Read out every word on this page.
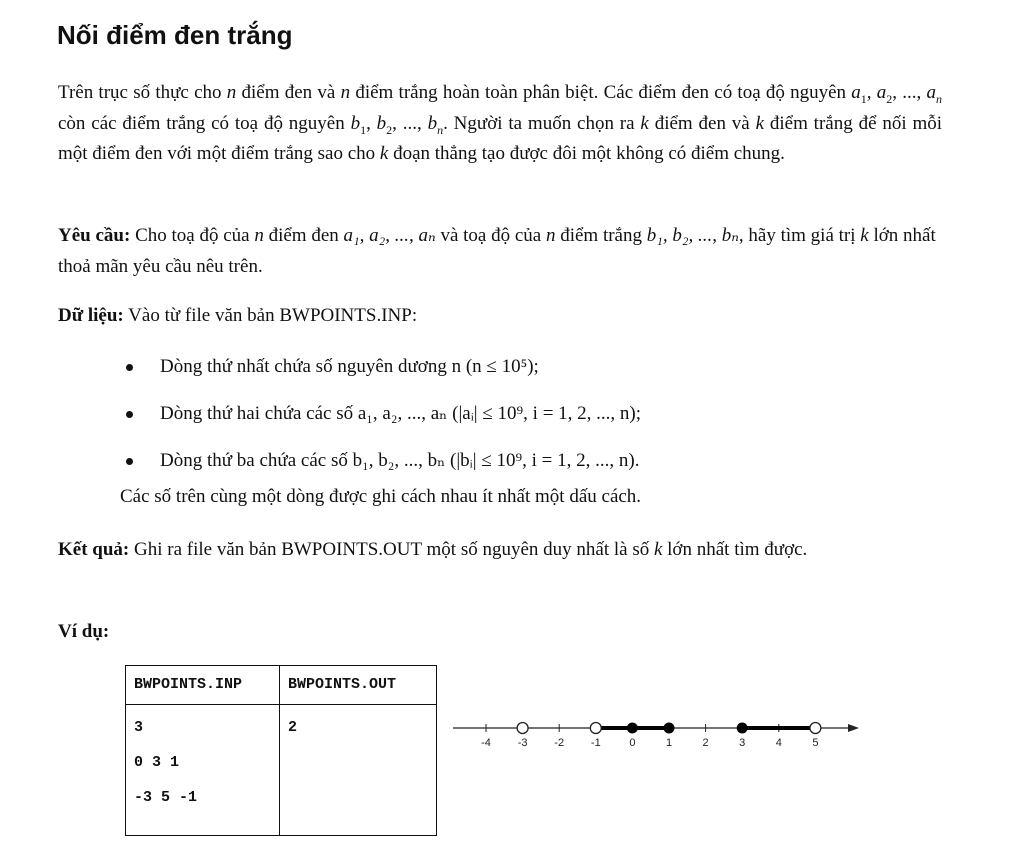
Nối điểm đen trắng

Trên trục số thực cho n điểm đen và n điểm trắng hoàn toàn phân biệt. Các điểm đen có toạ độ nguyên $a_1$, $a_2$, ..., $a_n$ còn các điểm trắng có toạ độ nguyên $b_1$, $b_2$, ..., $b_n$. Người ta muốn chọn ra k điểm đen và k điểm trắng để nối mỗi một điểm đen với một điểm trắng sao cho k đoạn thẳng tạo được đôi một không có điểm chung.

Yêu cầu: Cho toạ độ của n điểm đen a₁, a₂, ..., aₙ và toạ độ của n điểm trắng b₁, b₂, ..., bₙ, hãy tìm giá trị k lớn nhất thoả mãn yêu cầu nêu trên.

Dữ liệu: Vào từ file văn bản BWPOINTS.INP:

Dòng thứ nhất chứa số nguyên dương n (n ≤ 10⁵);
Dòng thứ hai chứa các số a₁, a₂, ..., aₙ (|aᵢ| ≤ 10⁹, i = 1, 2, ..., n);
Dòng thứ ba chứa các số b₁, b₂, ..., bₙ (|bᵢ| ≤ 10⁹, i = 1, 2, ..., n).

Các số trên cùng một dòng được ghi cách nhau ít nhất một dấu cách.

Kết quả: Ghi ra file văn bản BWPOINTS.OUT một số nguyên duy nhất là số k lớn nhất tìm được.

Ví dụ:

BWPOINTS.INP	BWPOINTS.OUT

3
0 3 1
-3 5 -1	2
-4 -3 -2 -1	0	1	2	3	4	5
